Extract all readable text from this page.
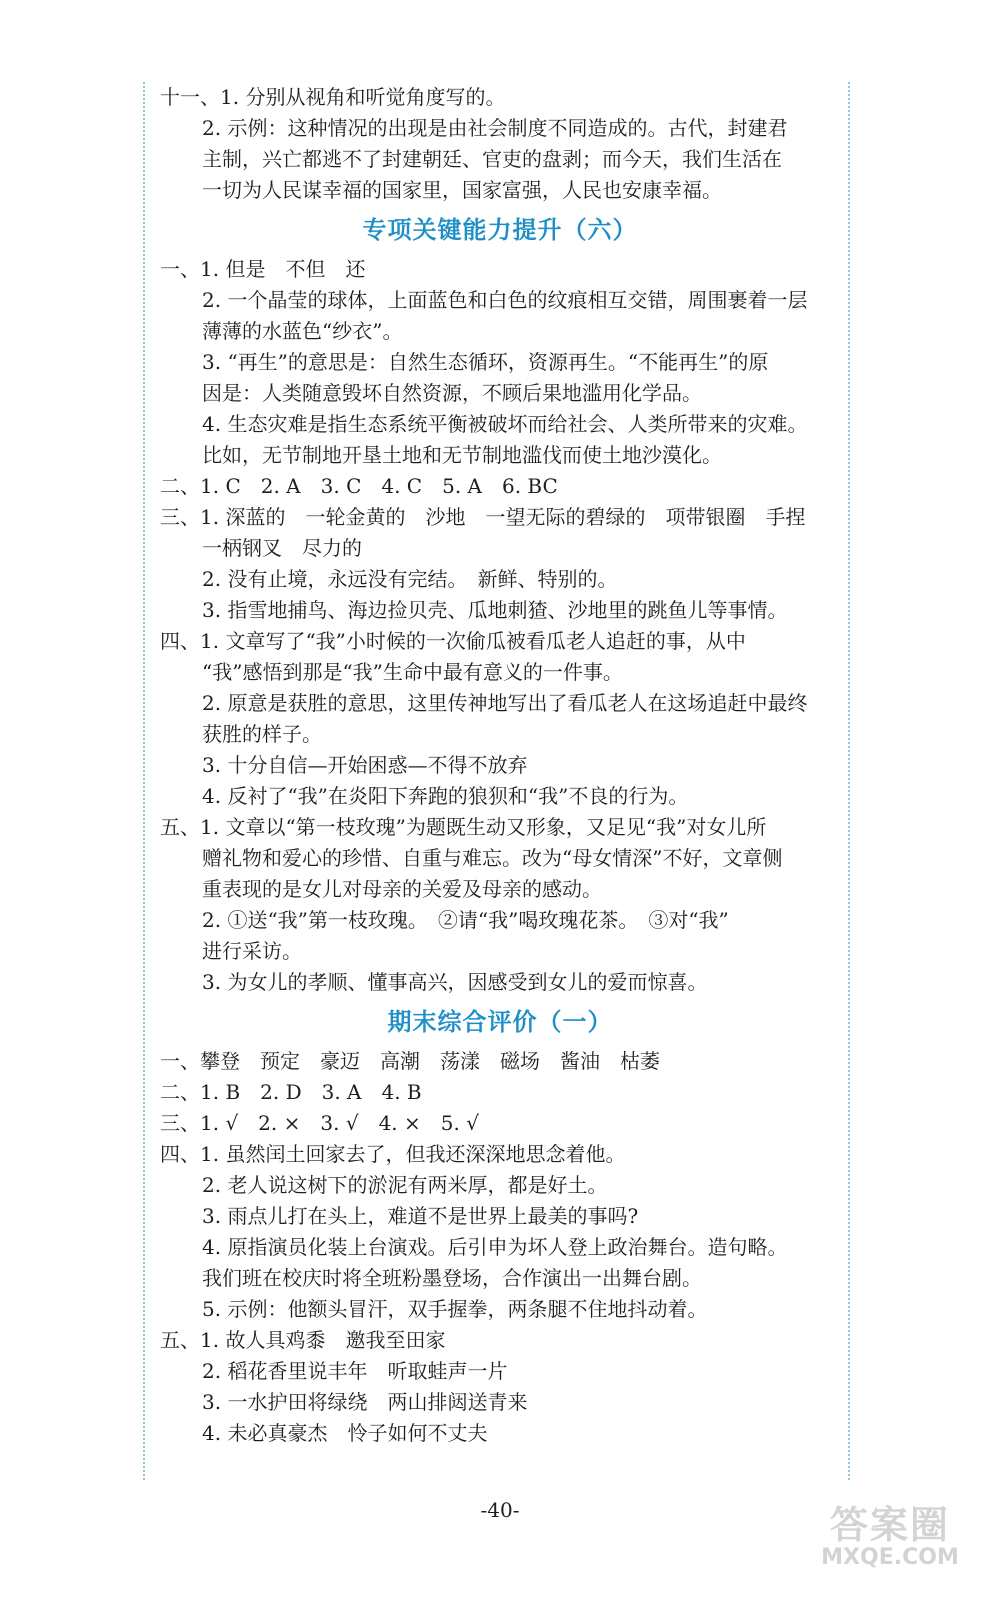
十一、1. 分别从视角和听觉角度写的。
2. 示例：这种情况的出现是由社会制度不同造成的。古代，封建君
主制，兴亡都逃不了封建朝廷、官吏的盘剥；而今天，我们生活在
一切为人民谋幸福的国家里，国家富强，人民也安康幸福。
专项关键能力提升（六）
一、1. 但是　不但　还
2. 一个晶莹的球体，上面蓝色和白色的纹痕相互交错，周围裹着一层
薄薄的水蓝色“纱衣”。
3. “再生”的意思是：自然生态循环，资源再生。“不能再生”的原
因是：人类随意毁坏自然资源，不顾后果地滥用化学品。
4. 生态灾难是指生态系统平衡被破坏而给社会、人类所带来的灾难。
比如，无节制地开垦土地和无节制地滥伐而使土地沙漠化。
二、1. C　2. A　3. C　4. C　5. A　6. BC
三、1. 深蓝的　一轮金黄的　沙地　一望无际的碧绿的　项带银圈　手捏
一柄钢叉　尽力的
2. 没有止境，永远没有完结。　新鲜、特别的。
3. 指雪地捕鸟、海边捡贝壳、瓜地刺猹、沙地里的跳鱼儿等事情。
四、1. 文章写了“我”小时候的一次偷瓜被看瓜老人追赶的事，从中
“我”感悟到那是“我”生命中最有意义的一件事。
2. 原意是获胜的意思，这里传神地写出了看瓜老人在这场追赶中最终
获胜的样子。
3. 十分自信—开始困惑—不得不放弃
4. 反衬了“我”在炎阳下奔跑的狼狈和“我”不良的行为。
五、1. 文章以“第一枝玫瑰”为题既生动又形象，又足见“我”对女儿所
赠礼物和爱心的珍惜、自重与难忘。改为“母女情深”不好，文章侧
重表现的是女儿对母亲的关爱及母亲的感动。
2. ①送“我”第一枝玫瑰。　②请“我”喝玫瑰花茶。　③对“我”
进行采访。
3. 为女儿的孝顺、懂事高兴，因感受到女儿的爱而惊喜。
期末综合评价（一）
一、攀登　预定　豪迈　高潮　荡漾　磁场　酱油　枯萎
二、1. B　2. D　3. A　4. B
三、1. √　2. ×　3. √　4. ×　5. √
四、1. 虽然闰土回家去了，但我还深深地思念着他。
2. 老人说这树下的淤泥有两米厚，都是好土。
3. 雨点儿打在头上，难道不是世界上最美的事吗?
4. 原指演员化装上台演戏。后引申为坏人登上政治舞台。造句略。
我们班在校庆时将全班粉墨登场，合作演出一出舞台剧。
5. 示例：他额头冒汗，双手握拳，两条腿不住地抖动着。
五、1. 故人具鸡黍　邀我至田家
2. 稻花香里说丰年　听取蛙声一片
3. 一水护田将绿绕　两山排闼送青来
4. 未必真豪杰　怜子如何不丈夫
-40-	答案圈
MXQE.COM
